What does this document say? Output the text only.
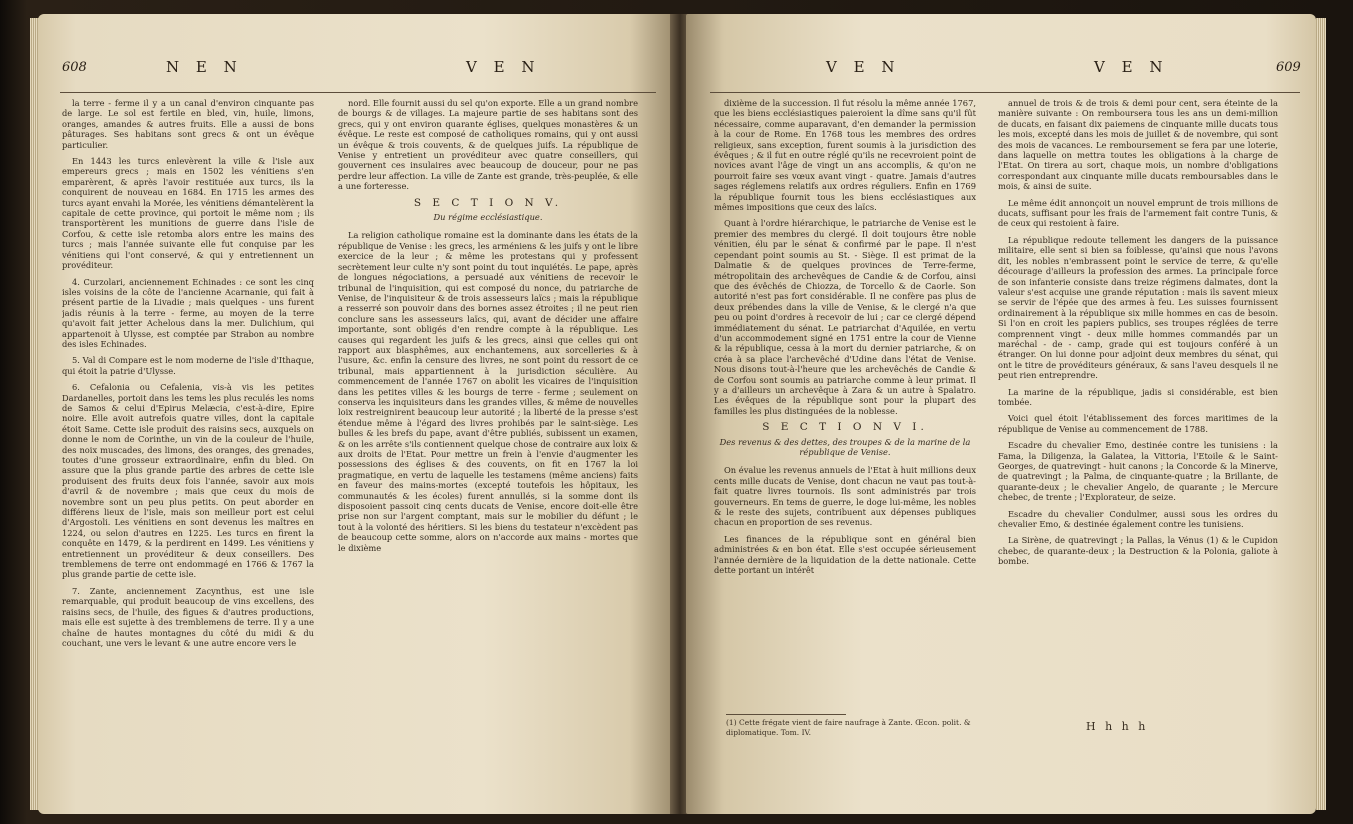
608	N E N	V E N

la terre - ferme il y a un canal d'environ cinquante pas de large. Le sol est fertile en bled, vin, huile, limons, oranges, amandes & autres fruits. Elle a aussi de bons pâturages. Ses habitans sont grecs & ont un évêque particulier.

En 1443 les turcs enlevèrent la ville & l'isle aux empereurs grecs ; mais en 1502 les vénitiens s'en emparèrent, & après l'avoir restituée aux turcs, ils la conquirent de nouveau en 1684. En 1715 les armes des turcs ayant envahi la Morée, les vénitiens démantelèrent la capitale de cette province, qui portoit le même nom ; ils transportèrent les munitions de guerre dans l'isle de Corfou, & cette isle retomba alors entre les mains des turcs ; mais l'année suivante elle fut conquise par les vénitiens qui l'ont conservé, & qui y entretiennent un provéditeur.

4. Curzolari, anciennement Echinades : ce sont les cinq isles voisins de la côte de l'ancienne Acarnanie, qui fait à présent partie de la Livadie ; mais quelques - uns furent jadis réunis à la terre - ferme, au moyen de la terre qu'avoit fait jetter Achelous dans la mer. Dulichium, qui appartenoit à Ulysse, est comptée par Strabon au nombre des isles Echinades.

5. Val di Compare est le nom moderne de l'isle d'Ithaque, qui étoit la patrie d'Ulysse.

6. Cefalonia ou Cefalenia, vis-à vis les petites Dardanelles, portoit dans les tems les plus reculés les noms de Samos & celui d'Epirus Melæcia, c'est-à-dire, Epire noire. Elle avoit autrefois quatre villes, dont la capitale étoit Same. Cette isle produit des raisins secs, auxquels on donne le nom de Corinthe, un vin de la couleur de l'huile, des noix muscades, des limons, des oranges, des grenades, toutes d'une grosseur extraordinaire, enfin du bled. On assure que la plus grande partie des arbres de cette isle produisent des fruits deux fois l'année, savoir aux mois d'avril & de novembre ; mais que ceux du mois de novembre sont un peu plus petits. On peut aborder en différens lieux de l'isle, mais son meilleur port est celui d'Argostoli. Les vénitiens en sont devenus les maîtres en 1224, ou selon d'autres en 1225. Les turcs en firent la conquête en 1479, & la perdirent en 1499. Les vénitiens y entretiennent un provéditeur & deux conseillers. Des tremblemens de terre ont endommagé en 1766 & 1767 la plus grande partie de cette isle.

7. Zante, anciennement Zacynthus, est une isle remarquable, qui produit beaucoup de vins excellens, des raisins secs, de l'huile, des figues & d'autres productions, mais elle est sujette à des tremblemens de terre. Il y a une chaîne de hautes montagnes du côté du midi & du couchant, une vers le levant & une autre encore vers le

nord. Elle fournit aussi du sel qu'on exporte. Elle a un grand nombre de bourgs & de villages. La majeure partie de ses habitans sont des grecs, qui y ont environ quarante églises, quelques monastères & un évêque. Le reste est composé de catholiques romains, qui y ont aussi un évêque & trois couvents, & de quelques juifs. La république de Venise y entretient un provéditeur avec quatre conseillers, qui gouvernent ces insulaires avec beaucoup de douceur, pour ne pas perdre leur affection. La ville de Zante est grande, très-peuplée, & elle a une forteresse.

S E C T I O N V.
Du régime ecclésiastique.

La religion catholique romaine est la dominante dans les états de la république de Venise : les grecs, les arméniens & les juifs y ont le libre exercice de la leur ; & même les protestans qui y professent secrètement leur culte n'y sont point du tout inquiétés. Le pape, après de longues négociations, a persuadé aux vénitiens de recevoir le tribunal de l'inquisition, qui est composé du nonce, du patriarche de Venise, de l'inquisiteur & de trois assesseurs laïcs ; mais la république a resserré son pouvoir dans des bornes assez étroites ; il ne peut rien conclure sans les assesseurs laïcs, qui, avant de décider une affaire importante, sont obligés d'en rendre compte à la république. Les causes qui regardent les juifs & les grecs, ainsi que celles qui ont rapport aux blasphêmes, aux enchantemens, aux sorcelleries & à l'usure, &c. enfin la censure des livres, ne sont point du ressort de ce tribunal, mais appartiennent à la jurisdiction séculière. Au commencement de l'année 1767 on abolit les vicaires de l'inquisition dans les petites villes & les bourgs de terre - ferme ; seulement on conserva les inquisiteurs dans les grandes villes, & même de nouvelles loix restreignirent beaucoup leur autorité ; la liberté de la presse s'est étendue même à l'égard des livres prohibés par le saint-siège. Les bulles & les brefs du pape, avant d'être publiés, subissent un examen, & on les arrête s'ils contiennent quelque chose de contraire aux loix & aux droits de l'Etat. Pour mettre un frein à l'envie d'augmenter les possessions des églises & des couvents, on fit en 1767 la loi pragmatique, en vertu de laquelle les testamens (même anciens) faits en faveur des mains-mortes (excepté toutefois les hôpitaux, les communautés & les écoles) furent annullés, si la somme dont ils disposoient passoit cinq cents ducats de Venise, encore doit-elle être prise non sur l'argent comptant, mais sur le mobilier du défunt ; le tout à la volonté des héritiers. Si les biens du testateur n'excèdent pas de beaucoup cette somme, alors on n'accorde aux mains - mortes que le dixième

V E N	V E N	609

dixième de la succession. Il fut résolu la même année 1767, que les biens ecclésiastiques paieroient la dîme sans qu'il fût nécessaire, comme auparavant, d'en demander la permission à la cour de Rome. En 1768 tous les membres des ordres religieux, sans exception, furent soumis à la jurisdiction des évêques ; & il fut en outre réglé qu'ils ne recevroient point de novices avant l'âge de vingt un ans accomplis, & qu'on ne pourroit faire ses vœux avant vingt - quatre. Jamais d'autres sages réglemens relatifs aux ordres réguliers. Enfin en 1769 la république fournit tous les biens ecclésiastiques aux mêmes impositions que ceux des laïcs.

Quant à l'ordre hiérarchique, le patriarche de Venise est le premier des membres du clergé. Il doit toujours être noble vénitien, élu par le sénat & confirmé par le pape. Il n'est cependant point soumis au St. - Siège. Il est primat de la Dalmatie & de quelques provinces de Terre-ferme, métropolitain des archevêques de Candie & de Corfou, ainsi que des évêchés de Chiozza, de Torcello & de Caorle. Son autorité n'est pas fort considérable. Il ne confère pas plus de deux prébendes dans la ville de Venise, & le clergé n'a que peu ou point d'ordres à recevoir de lui ; car ce clergé dépend immédiatement du sénat. Le patriarchat d'Aquilée, en vertu d'un accommodement signé en 1751 entre la cour de Vienne & la république, cessa à la mort du dernier patriarche, & on créa à sa place l'archevêché d'Udine dans l'état de Venise. Nous disons tout-à-l'heure que les archevêchés de Candie & de Corfou sont soumis au patriarche comme à leur primat. Il y a d'ailleurs un archevêque à Zara & un autre à Spalatro. Les évêques de la république sont pour la plupart des familles les plus distinguées de la noblesse.

S E C T I O N V I.
Des revenus & des dettes, des troupes & de la marine de la république de Venise.

On évalue les revenus annuels de l'Etat à huit millions deux cents mille ducats de Venise, dont chacun ne vaut pas tout-à-fait quatre livres tournois. Ils sont administrés par trois gouverneurs. En tems de guerre, le doge lui-même, les nobles & le reste des sujets, contribuent aux dépenses publiques chacun en proportion de ses revenus.

Les finances de la république sont en général bien administrées & en bon état. Elle s'est occupée sérieusement l'année dernière de la liquidation de la dette nationale. Cette dette portant un intérêt

annuel de trois & de trois & demi pour cent, sera éteinte de la manière suivante : On remboursera tous les ans un demi-million de ducats, en faisant dix paiemens de cinquante mille ducats tous les mois, excepté dans les mois de juillet & de novembre, qui sont des mois de vacances. Le remboursement se fera par une loterie, dans laquelle on mettra toutes les obligations à la charge de l'Etat. On tirera au sort, chaque mois, un nombre d'obligations correspondant aux cinquante mille ducats remboursables dans le mois, & ainsi de suite.

Le même édit annonçoit un nouvel emprunt de trois millions de ducats, suffisant pour les frais de l'armement fait contre Tunis, & de ceux qui restoient à faire.

La république redoute tellement les dangers de la puissance militaire, elle sent si bien sa foiblesse, qu'ainsi que nous l'avons dit, les nobles n'embrassent point le service de terre, & qu'elle décourage d'ailleurs la profession des armes. La principale force de son infanterie consiste dans treize régimens dalmates, dont la valeur s'est acquise une grande réputation : mais ils savent mieux se servir de l'épée que des armes à feu. Les suisses fournissent ordinairement à la république six mille hommes en cas de besoin. Si l'on en croit les papiers publics, ses troupes réglées de terre comprennent vingt - deux mille hommes commandés par un maréchal - de - camp, grade qui est toujours conféré à un étranger. On lui donne pour adjoint deux membres du sénat, qui ont le titre de provéditeurs généraux, & sans l'aveu desquels il ne peut rien entreprendre.

La marine de la république, jadis si considérable, est bien tombée.

Voici quel étoit l'établissement des forces maritimes de la république de Venise au commencement de 1788.

Escadre du chevalier Emo, destinée contre les tunisiens : la Fama, la Diligenza, la Galatea, la Vittoria, l'Etoile & le Saint-Georges, de quatrevingt - huit canons ; la Concorde & la Minerve, de quatrevingt ; la Palma, de cinquante-quatre ; la Brillante, de quarante-deux ; le chevalier Angelo, de quarante ; le Mercure chebec, de trente ; l'Explorateur, de seize.

Escadre du chevalier Condulmer, aussi sous les ordres du chevalier Emo, & destinée également contre les tunisiens.

La Sirène, de quatrevingt ; la Pallas, la Vénus (1) & le Cupidon chebec, de quarante-deux ; la Destruction & la Polonia, galiote à bombe.

(1) Cette frégate vient de faire naufrage à Zante. Œcon. polit. & diplomatique. Tom. IV.	H h h h
